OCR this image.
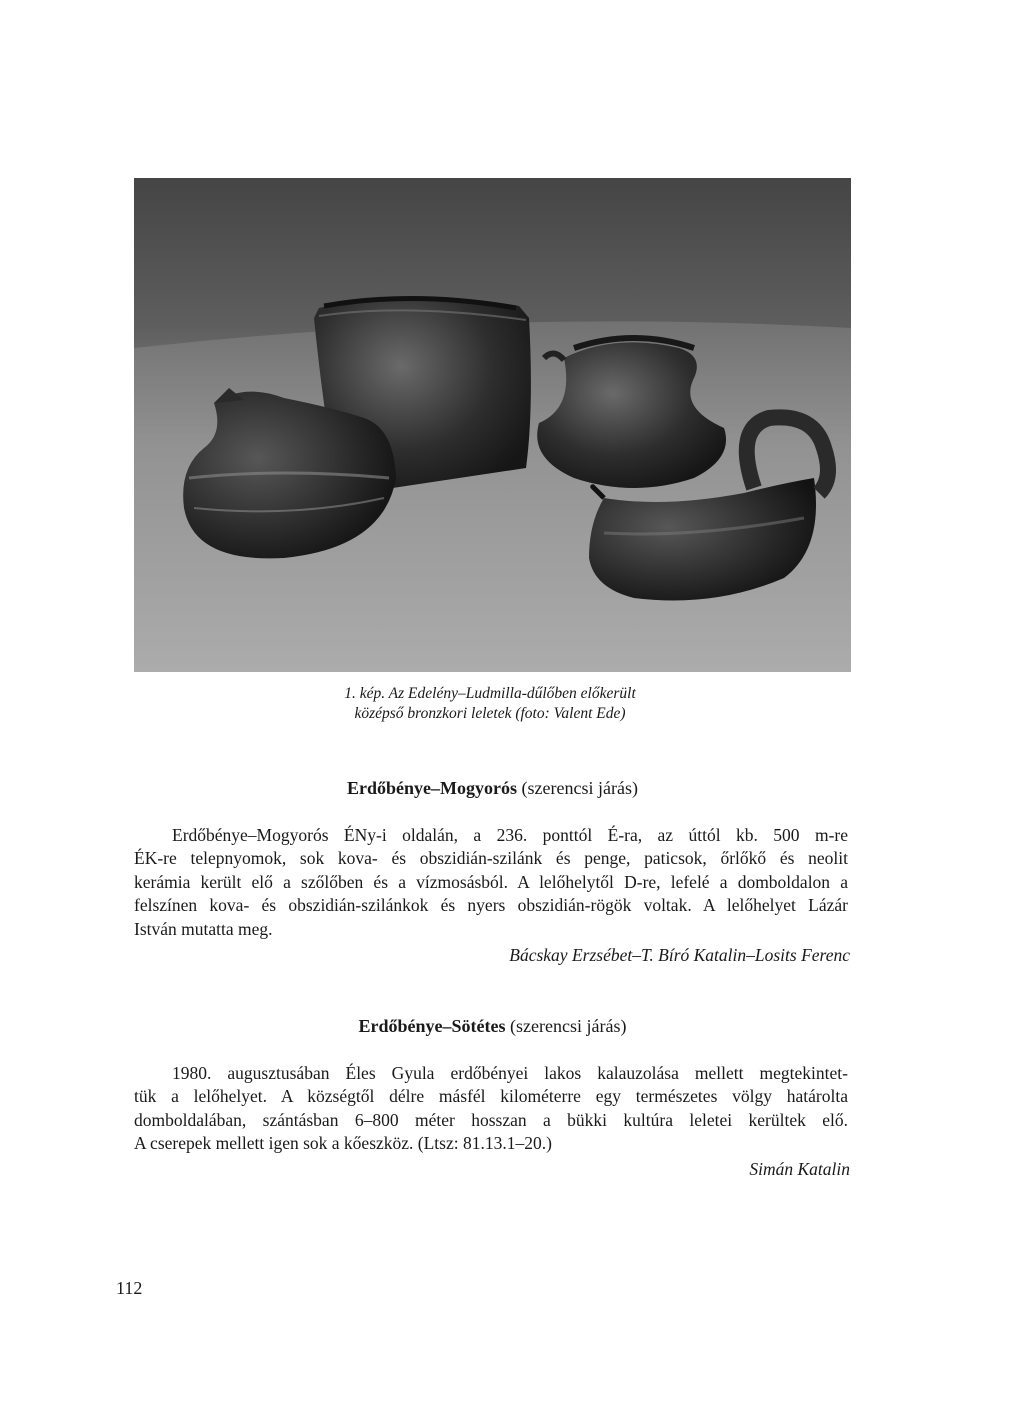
1. kép. Az Edelény–Ludmilla-dűlőben előkerült
középső bronzkori leletek (foto: Valent Ede)
Erdőbénye–Mogyorós (szerencsi járás)
Erdőbénye–Mogyorós ÉNy-i oldalán, a 236. ponttól É-ra, az úttól kb. 500 m-re
ÉK-re telepnyomok, sok kova- és obszidián-szilánk és penge, paticsok, őrlőkő és neolit
kerámia került elő a szőlőben és a vízmosásból. A lelőhelytől D-re, lefelé a domboldalon a
felszínen kova- és obszidián-szilánkok és nyers obszidián-rögök voltak. A lelőhelyet Lázár
István mutatta meg.
Bácskay Erzsébet–T. Bíró Katalin–Losits Ferenc
Erdőbénye–Sötétes (szerencsi járás)
1980. augusztusában Éles Gyula erdőbényei lakos kalauzolása mellett megtekintet-
tük a lelőhelyet. A községtől délre másfél kilométerre egy természetes völgy határolta
domboldalában, szántásban 6–800 méter hosszan a bükki kultúra leletei kerültek elő.
A cserepek mellett igen sok a kőeszköz. (Ltsz: 81.13.1–20.)
Simán Katalin
112
